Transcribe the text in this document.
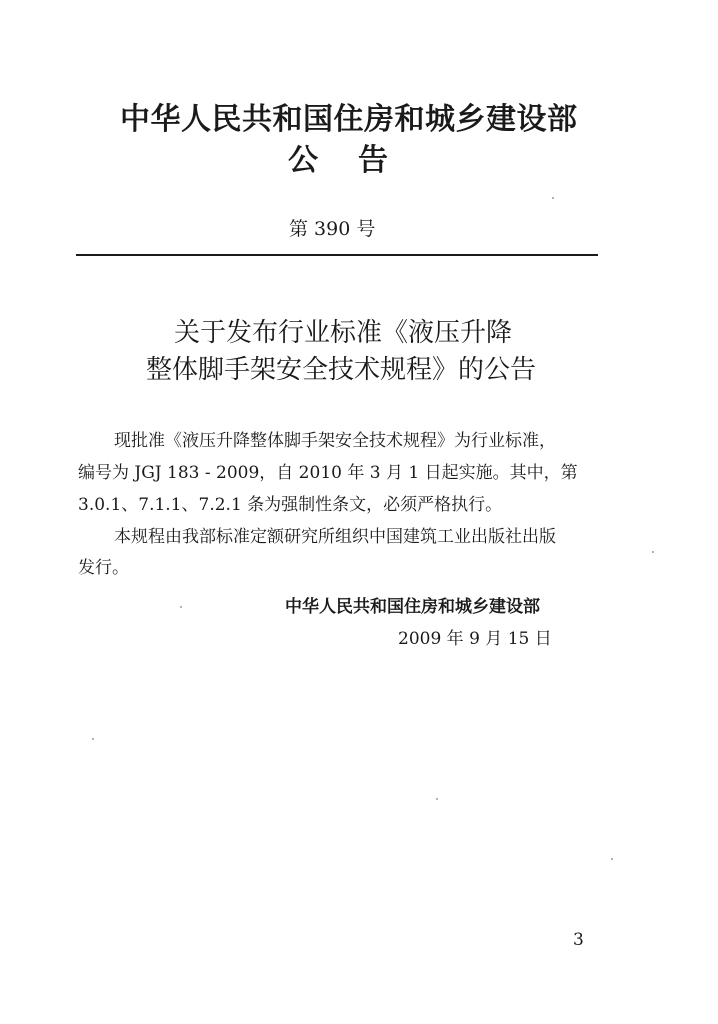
中华人民共和国住房和城乡建设部
公告
第 390 号
关于发布行业标准《液压升降
整体脚手架安全技术规程》的公告
现批准《液压升降整体脚手架安全技术规程》为行业标准，
编号为 JGJ 183 - 2009，自 2010 年 3 月 1 日起实施。其中，第
3.0.1、7.1.1、7.2.1 条为强制性条文，必须严格执行。
本规程由我部标准定额研究所组织中国建筑工业出版社出版
发行。
中华人民共和国住房和城乡建设部
2009 年 9 月 15 日
3
